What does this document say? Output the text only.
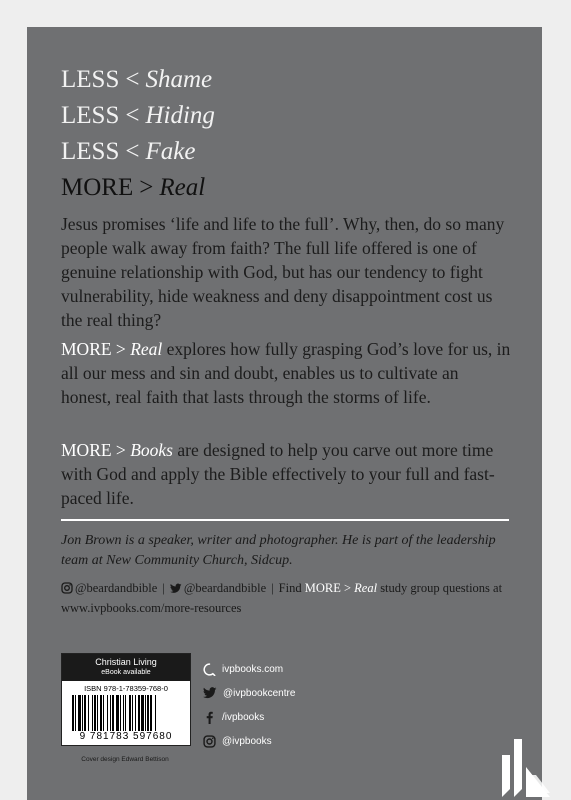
LESS < Shame
LESS < Hiding
LESS < Fake
MORE > Real
Jesus promises ‘life and life to the full’. Why, then, do so many people walk away from faith? The full life offered is one of genuine relationship with God, but has our tendency to fight vulnerability, hide weakness and deny disappointment cost us the real thing?
MORE > Real explores how fully grasping God’s love for us, in all our mess and sin and doubt, enables us to cultivate an honest, real faith that lasts through the storms of life.
MORE > Books are designed to help you carve out more time with God and apply the Bible effectively to your full and fast-paced life.
Jon Brown is a speaker, writer and photographer. He is part of the leadership team at New Community Church, Sidcup.
@beardandbible | @beardandbible | Find MORE > Real study group questions at www.ivpbooks.com/more-resources
Christian Living
eBook available
ISBN 978-1-78359-768-0
9 781783 597680
Cover design Edward Bettison
ivpbooks.com
@ivpbookcentre
/ivpbooks
@ivpbooks
